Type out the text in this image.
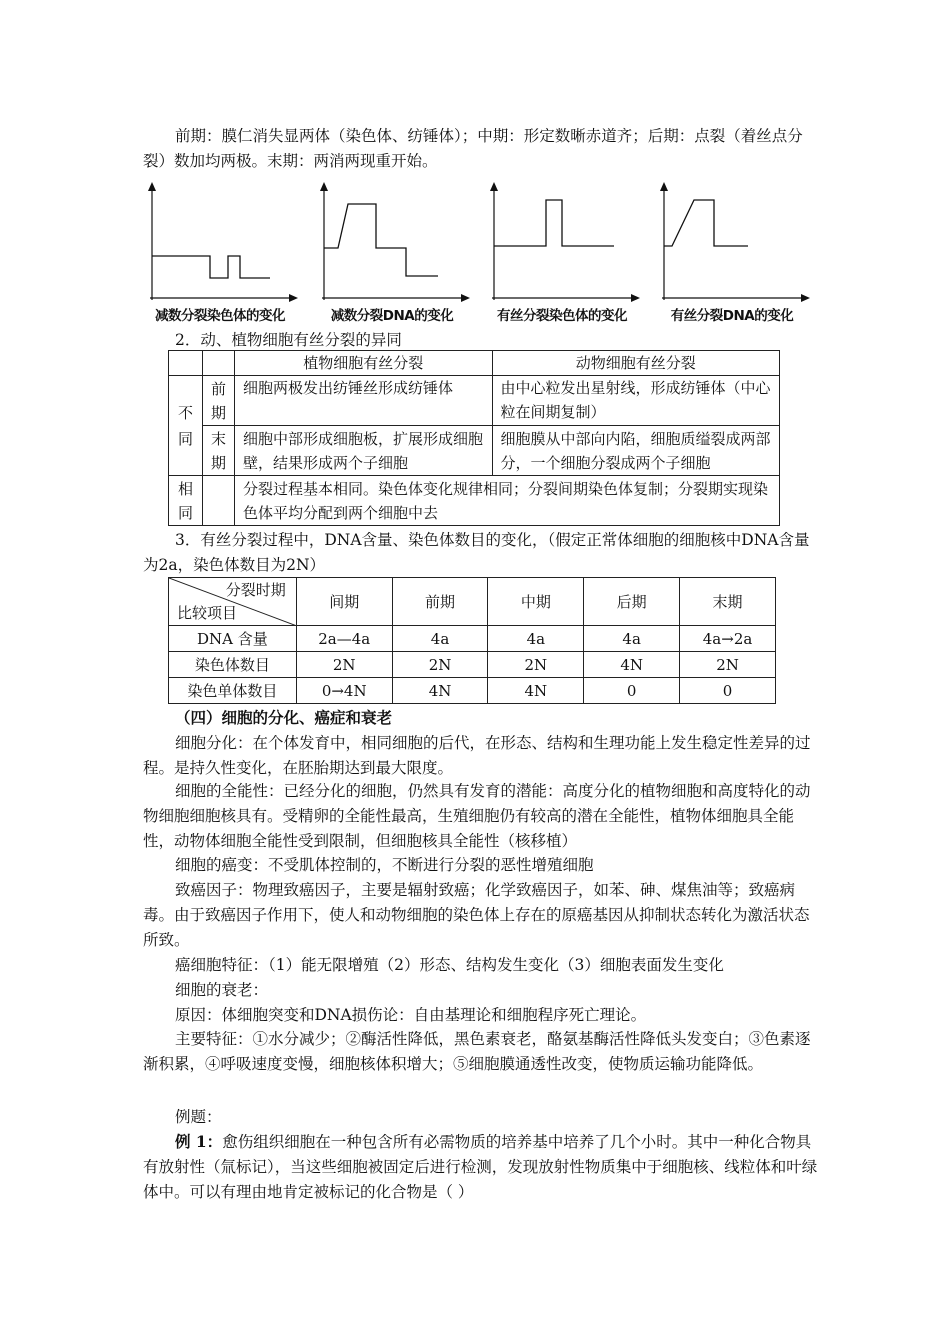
前期：膜仁消失显两体（染色体、纺锤体）；中期：形定数晰赤道齐；后期：点裂（着丝点分裂）数加均两极。末期：两消两现重开始。

减数分裂染色体的变化	减数分裂DNA的变化	有丝分裂染色体的变化	有丝分裂DNA的变化

2．动、植物细胞有丝分裂的异同

		植物细胞有丝分裂	动物细胞有丝分裂
不同	前期	细胞两极发出纺锤丝形成纺锤体	由中心粒发出星射线，形成纺锤体（中心粒在间期复制）
	末期	细胞中部形成细胞板，扩展形成细胞壁，结果形成两个子细胞	细胞膜从中部向内陷，细胞质缢裂成两部分，一个细胞分裂成两个子细胞
相同		分裂过程基本相同。染色体变化规律相同；分裂间期染色体复制；分裂期实现染色体平均分配到两个细胞中去	

3．有丝分裂过程中，DNA含量、染色体数目的变化，（假定正常体细胞的细胞核中DNA含量为2a，染色体数目为2N）

分裂时期
比较项目	间期	前期	中期	后期	末期
DNA 含量	2a—4a	4a	4a	4a	4a→2a
染色体数目	2N	2N	2N	4N	2N
染色单体数目	0→4N	4N	4N	0	0

（四）细胞的分化、癌症和衰老

细胞分化：在个体发育中，相同细胞的后代，在形态、结构和生理功能上发生稳定性差异的过程。是持久性变化，在胚胎期达到最大限度。

细胞的全能性：已经分化的细胞，仍然具有发育的潜能：高度分化的植物细胞和高度特化的动物细胞细胞核具有。受精卵的全能性最高，生殖细胞仍有较高的潜在全能性，植物体细胞具全能性，动物体细胞全能性受到限制，但细胞核具全能性（核移植）

细胞的癌变：不受肌体控制的，不断进行分裂的恶性增殖细胞

致癌因子：物理致癌因子，主要是辐射致癌；化学致癌因子，如苯、砷、煤焦油等；致癌病毒。由于致癌因子作用下，使人和动物细胞的染色体上存在的原癌基因从抑制状态转化为激活状态所致。

癌细胞特征：（1）能无限增殖（2）形态、结构发生变化（3）细胞表面发生变化

细胞的衰老：

原因：体细胞突变和DNA损伤论：自由基理论和细胞程序死亡理论。

主要特征：①水分减少；②酶活性降低，黑色素衰老，酪氨基酶活性降低头发变白；③色素逐渐积累，④呼吸速度变慢，细胞核体积增大；⑤细胞膜通透性改变，使物质运输功能降低。

例题：

例 1：愈伤组织细胞在一种包含所有必需物质的培养基中培养了几个小时。其中一种化合物具有放射性（氚标记），当这些细胞被固定后进行检测，发现放射性物质集中于细胞核、线粒体和叶绿体中。可以有理由地肯定被标记的化合物是（ ）
